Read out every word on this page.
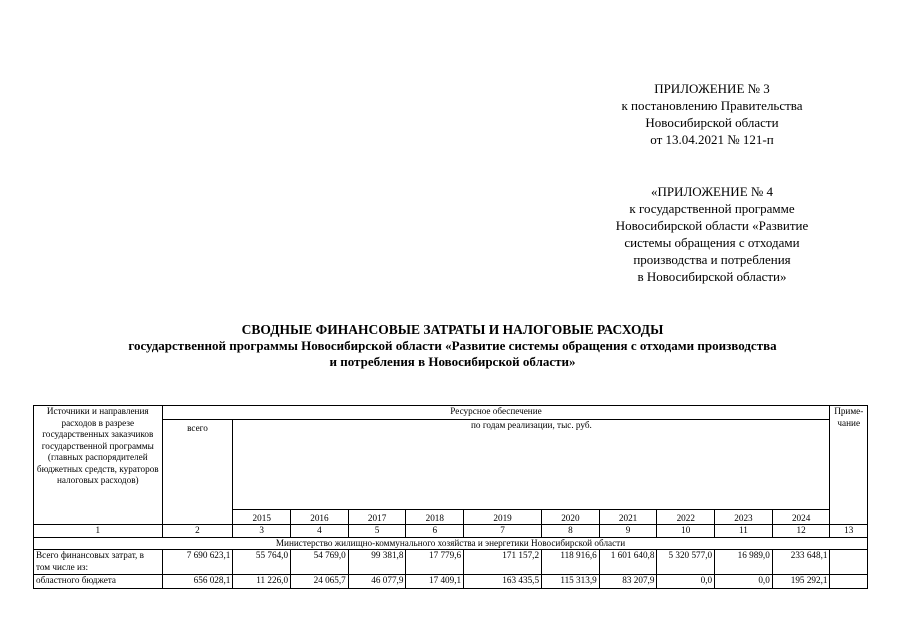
ПРИЛОЖЕНИЕ № 3
к постановлению Правительства
Новосибирской области
от 13.04.2021 № 121-п
«ПРИЛОЖЕНИЕ № 4
к государственной программе
Новосибирской области «Развитие
системы обращения с отходами
производства и потребления
в Новосибирской области»
СВОДНЫЕ ФИНАНСОВЫЕ ЗАТРАТЫ И НАЛОГОВЫЕ РАСХОДЫ
государственной программы Новосибирской области «Развитие системы обращения с отходами производства
и потребления в Новосибирской области»
Источники и направления расходов в разрезе государственных заказчиков государственной программы (главных распорядителей бюджетных средств, кураторов налоговых расходов)	Ресурсное обеспечение											Приме-чание
	всего	по годам реализации, тыс. руб.										
		2015	2016	2017	2018	2019	2020	2021	2022	2023	2024	
1	2	3	4	5	6	7	8	9	10	11	12	13
Министерство жилищно-коммунального хозяйства и энергетики Новосибирской области												
Всего финансовых затрат, в том числе из:	7 690 623,1	55 764,0	54 769,0	99 381,8	17 779,6	171 157,2	118 916,6	1 601 640,8	5 320 577,0	16 989,0	233 648,1	
областного бюджета	656 028,1	11 226,0	24 065,7	46 077,9	17 409,1	163 435,5	115 313,9	83 207,9	0,0	0,0	195 292,1	
